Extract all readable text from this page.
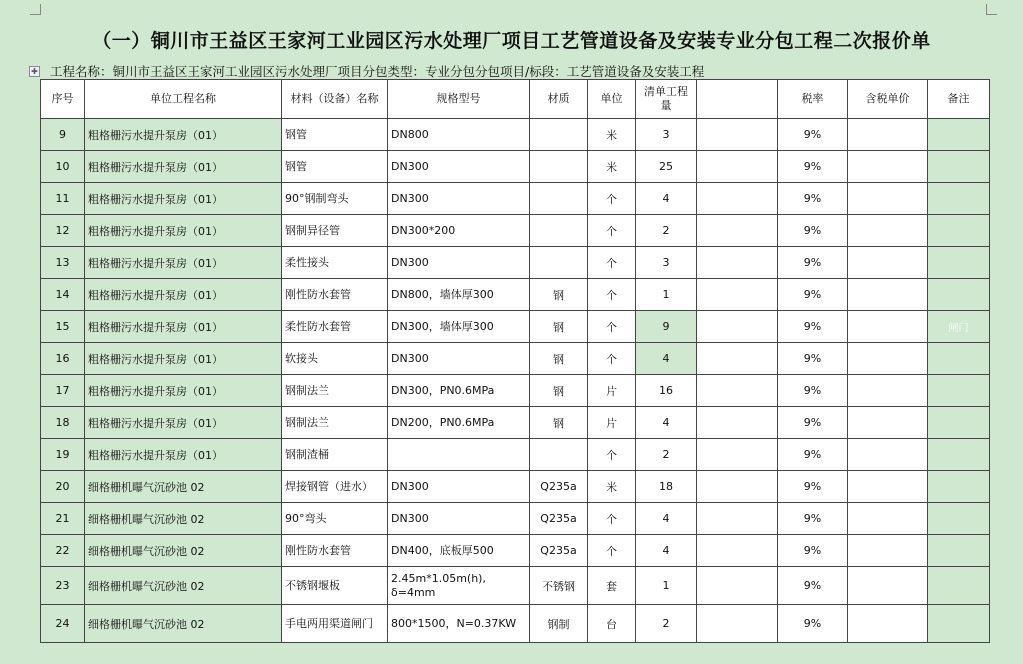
（一）铜川市王益区王家河工业园区污水处理厂项目工艺管道设备及安装专业分包工程二次报价单
✚ 工程名称：铜川市王益区王家河工业园区污水处理厂项目分包类型：专业分包分包项目/标段：工艺管道设备及安装工程
序号	单位工程名称	材料（设备）名称	规格型号	材质	单位	清单工程量		税率	含税单价	备注
9	粗格栅污水提升泵房（01）	钢管	DN800		米	3		9%		
10	粗格栅污水提升泵房（01）	钢管	DN300		米	25		9%		
11	粗格栅污水提升泵房（01）	90°钢制弯头	DN300		个	4		9%		
12	粗格栅污水提升泵房（01）	钢制异径管	DN300*200		个	2		9%		
13	粗格栅污水提升泵房（01）	柔性接头	DN300		个	3		9%		
14	粗格栅污水提升泵房（01）	刚性防水套管	DN800，墙体厚300	钢	个	1		9%		
15	粗格栅污水提升泵房（01）	柔性防水套管	DN300，墙体厚300	钢	个	9		9%		闸门
16	粗格栅污水提升泵房（01）	软接头	DN300	钢	个	4		9%		
17	粗格栅污水提升泵房（01）	钢制法兰	DN300，PN0.6MPa	钢	片	16		9%		
18	粗格栅污水提升泵房（01）	钢制法兰	DN200，PN0.6MPa	钢	片	4		9%		
19	粗格栅污水提升泵房（01）	钢制渣桶			个	2		9%		
20	细格栅机曝气沉砂池 02	焊接钢管（进水）	DN300	Q235a	米	18		9%		
21	细格栅机曝气沉砂池 02	90°弯头	DN300	Q235a	个	4		9%		
22	细格栅机曝气沉砂池 02	刚性防水套管	DN400，底板厚500	Q235a	个	4		9%		
23	细格栅机曝气沉砂池 02	不锈钢堰板	2.45m*1.05m(h), δ=4mm	不锈钢	套	1		9%		
24	细格栅机曝气沉砂池 02	手电两用渠道闸门	800*1500，N=0.37KW	钢制	台	2		9%		
